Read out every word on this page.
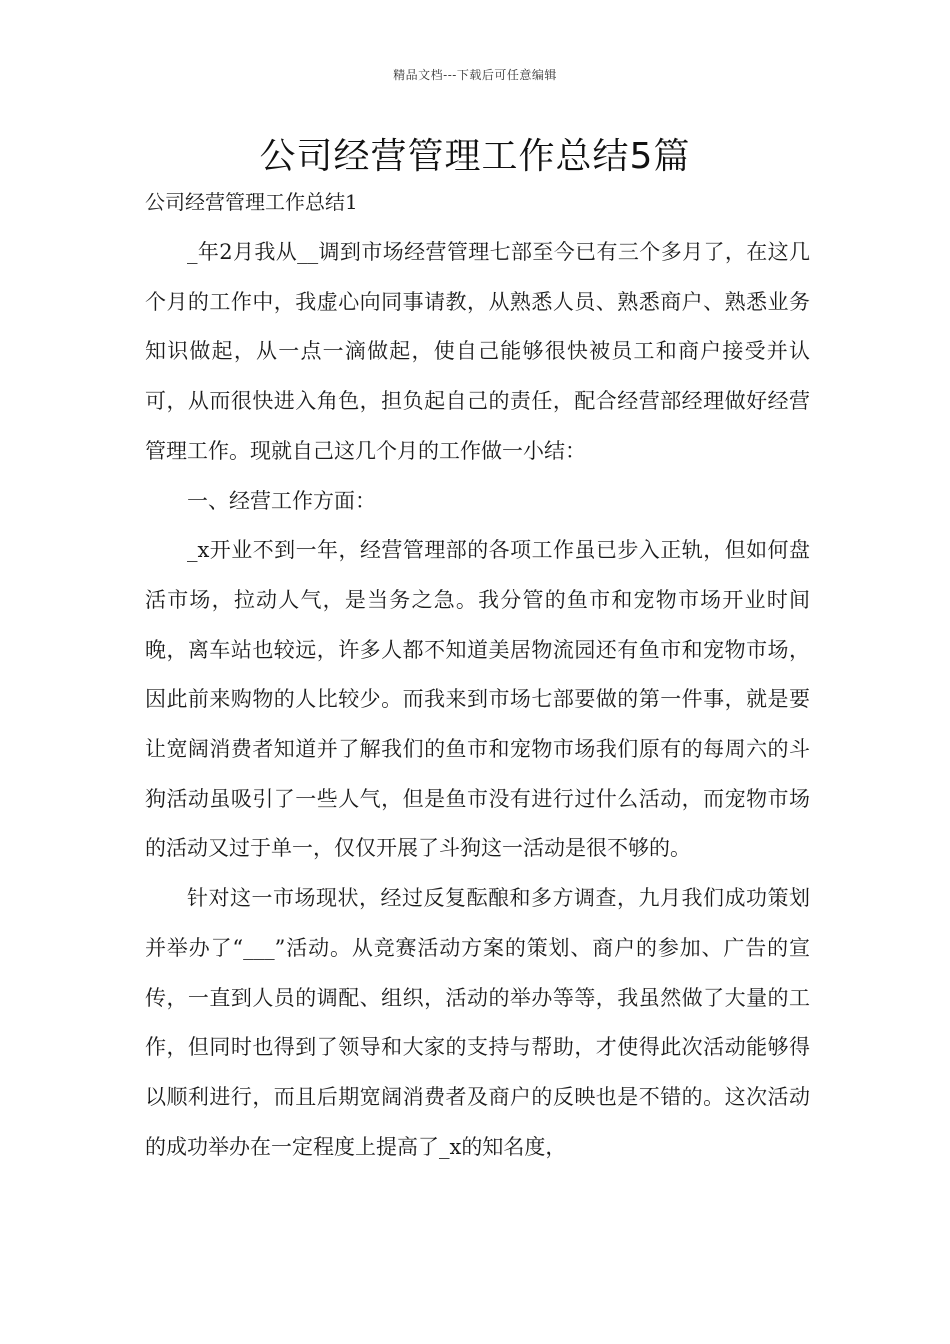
精品文档---下载后可任意编辑
公司经营管理工作总结5篇
公司经营管理工作总结1

_年2月我从__调到市场经营管理七部至今已有三个多月了，在这几个月的工作中，我虚心向同事请教，从熟悉人员、熟悉商户、熟悉业务知识做起，从一点一滴做起，使自己能够很快被员工和商户接受并认可，从而很快进入角色，担负起自己的责任，配合经营部经理做好经营管理工作。现就自己这几个月的工作做一小结：

一、经营工作方面：

_x开业不到一年，经营管理部的各项工作虽已步入正轨，但如何盘活市场，拉动人气，是当务之急。我分管的鱼市和宠物市场开业时间晚，离车站也较远，许多人都不知道美居物流园还有鱼市和宠物市场，因此前来购物的人比较少。而我来到市场七部要做的第一件事，就是要让宽阔消费者知道并了解我们的鱼市和宠物市场我们原有的每周六的斗狗活动虽吸引了一些人气，但是鱼市没有进行过什么活动，而宠物市场的活动又过于单一，仅仅开展了斗狗这一活动是很不够的。

针对这一市场现状，经过反复酝酿和多方调查，九月我们成功策划并举办了“___”活动。从竞赛活动方案的策划、商户的参加、广告的宣传，一直到人员的调配、组织，活动的举办等等，我虽然做了大量的工作，但同时也得到了领导和大家的支持与帮助，才使得此次活动能够得以顺利进行，而且后期宽阔消费者及商户的反映也是不错的。这次活动的成功举办在一定程度上提高了_x的知名度，
